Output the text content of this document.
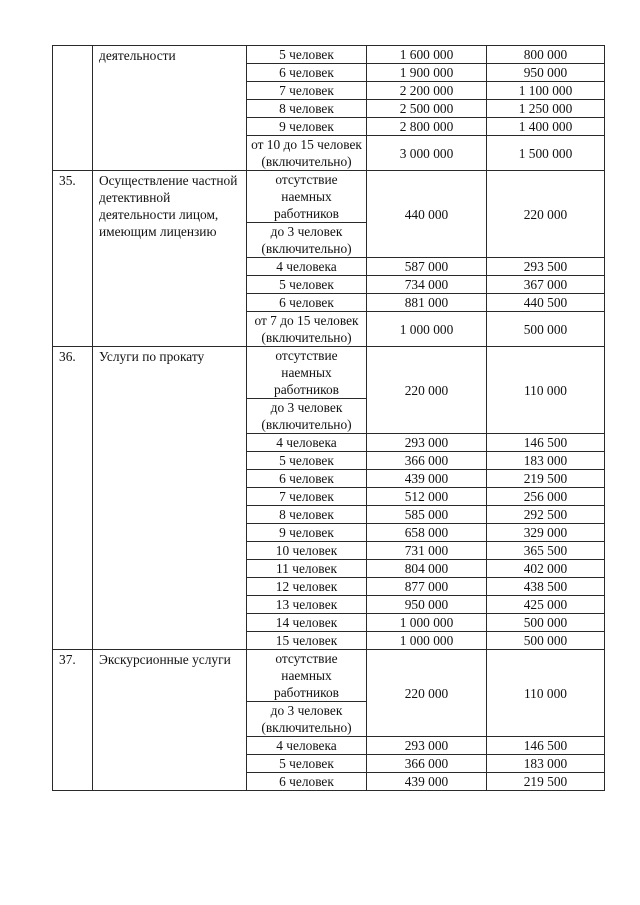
	деятельности	5 человек	1 600 000	800 000
		6 человек	1 900 000	950 000
		7 человек	2 200 000	1 100 000
		8 человек	2 500 000	1 250 000
		9 человек	2 800 000	1 400 000
		от 10 до 15 человек (включительно)	3 000 000	1 500 000
35.	Осуществление частной детективной деятельности лицом, имеющим лицензию	отсутствие наемных работников	440 000	220 000
		до 3 человек (включительно)		
		4 человека	587 000	293 500
		5 человек	734 000	367 000
		6 человек	881 000	440 500
		от 7 до 15 человек (включительно)	1 000 000	500 000
36.	Услуги по прокату	отсутствие наемных работников	220 000	110 000
		до 3 человек (включительно)		
		4 человека	293 000	146 500
		5 человек	366 000	183 000
		6 человек	439 000	219 500
		7 человек	512 000	256 000
		8 человек	585 000	292 500
		9 человек	658 000	329 000
		10 человек	731 000	365 500
		11 человек	804 000	402 000
		12 человек	877 000	438 500
		13 человек	950 000	425 000
		14 человек	1 000 000	500 000
		15 человек	1 000 000	500 000
37.	Экскурсионные услуги	отсутствие наемных работников	220 000	110 000
		до 3 человек (включительно)		
		4 человека	293 000	146 500
		5 человек	366 000	183 000
		6 человек	439 000	219 500
